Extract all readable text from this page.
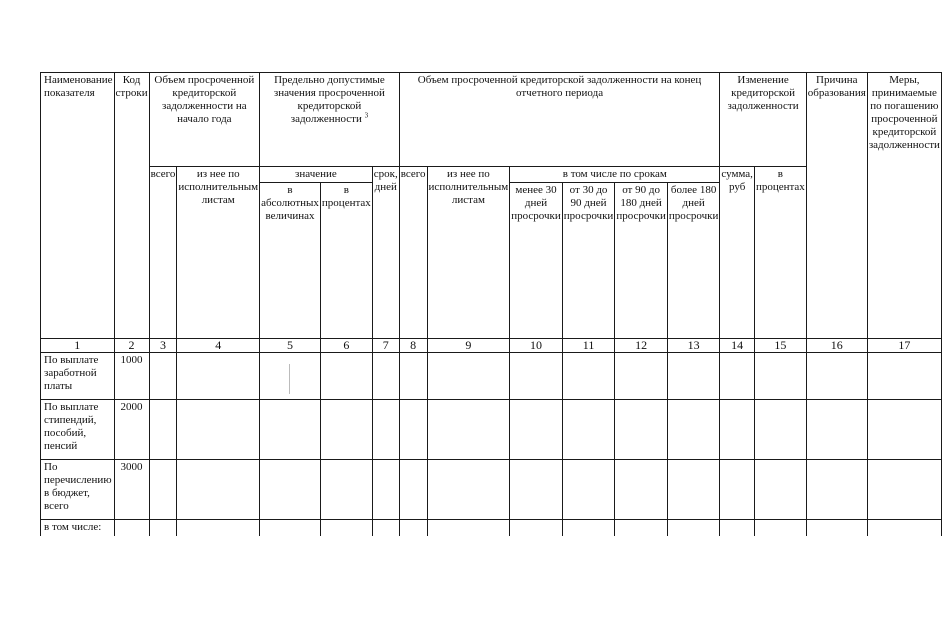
Наименование показателя	Код строки	Объем просроченной кредиторской задолженности на начало года		Предельно допустимые значения просроченной кредиторской задолженности $^3$			Объем просроченной кредиторской задолженности на конец отчетного периода						Изменение кредиторской задолженности		Причина образования	Меры, принимаемые по погашению просроченной кредиторской задолженности
		всего	из нее по исполнительным листам	значение		срок, дней	всего	из нее по исполнительным листам	в том числе по срокам				сумма, руб	в процентах		
				в абсолютных величинах	в процентах				менее 30 дней просрочки	от 30 до 90 дней просрочки	от 90 до 180 дней просрочки	более 180 дней просрочки				
1	2	3	4	5	6	7	8	9	10	11	12	13	14	15	16	17
По выплате заработной платы	1000															
По выплате стипендий, пособий, пенсий	2000															
По перечислению в бюджет, всего	3000															
в том числе:																
